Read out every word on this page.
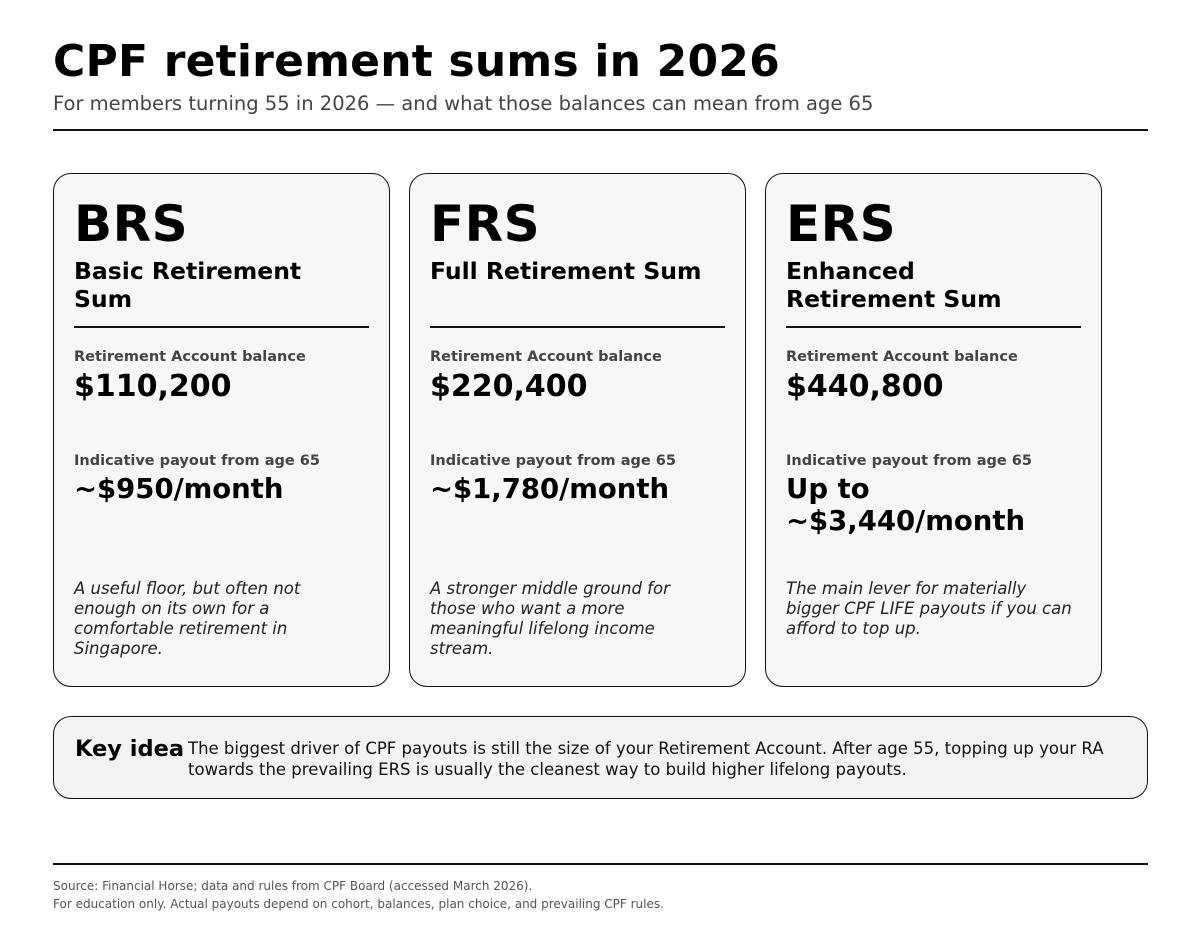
CPF retirement sums in 2026
For members turning 55 in 2026 — and what those balances can mean from age 65
BRS
Basic Retirement Sum
Retirement Account balance
$110,200
Indicative payout from age 65
~$950/month
A useful floor, but often not enough on its own for a comfortable retirement in Singapore.
FRS
Full Retirement Sum
Retirement Account balance
$220,400
Indicative payout from age 65
~$1,780/month
A stronger middle ground for those who want a more meaningful lifelong income stream.
ERS
Enhanced Retirement Sum
Retirement Account balance
$440,800
Indicative payout from age 65
Up to ~$3,440/month
The main lever for materially bigger CPF LIFE payouts if you can afford to top up.
Key idea The biggest driver of CPF payouts is still the size of your Retirement Account. After age 55, topping up your RA towards the prevailing ERS is usually the cleanest way to build higher lifelong payouts.
Source: Financial Horse; data and rules from CPF Board (accessed March 2026).
For education only. Actual payouts depend on cohort, balances, plan choice, and prevailing CPF rules.
